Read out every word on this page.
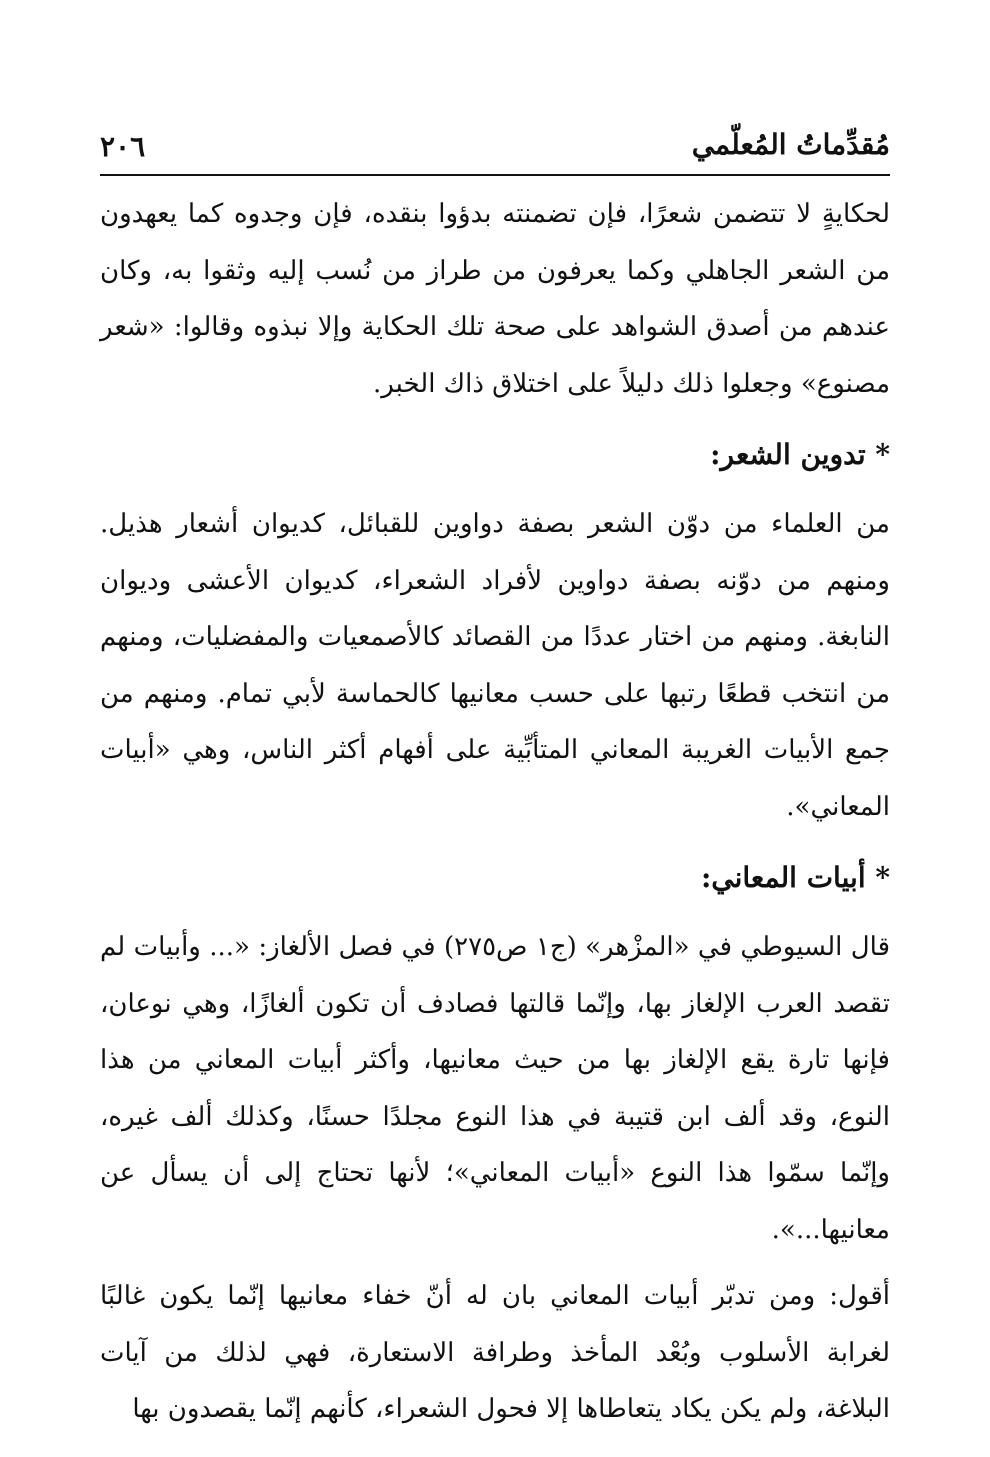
مُقدِّماتُ المُعلّمي
٢٠٦

لحكايةٍ لا تتضمن شعرًا، فإن تضمنته بدؤوا بنقده، فإن وجدوه كما يعهدون من الشعر الجاهلي وكما يعرفون من طراز من نُسب إليه وثقوا به، وكان عندهم من أصدق الشواهد على صحة تلك الحكاية وإلا نبذوه وقالوا: «شعر مصنوع» وجعلوا ذلك دليلاً على اختلاق ذاك الخبر.

* تدوين الشعر:

من العلماء من دوّن الشعر بصفة دواوين للقبائل، كديوان أشعار هذيل. ومنهم من دوّنه بصفة دواوين لأفراد الشعراء، كديوان الأعشى وديوان النابغة. ومنهم من اختار عددًا من القصائد كالأصمعيات والمفضليات، ومنهم من انتخب قطعًا رتبها على حسب معانيها كالحماسة لأبي تمام. ومنهم من جمع الأبيات الغريبة المعاني المتأبِّية على أفهام أكثر الناس، وهي «أبيات المعاني».

* أبيات المعاني:

قال السيوطي في «المزْهر» (ج١ ص٢٧٥) في فصل الألغاز: «... وأبيات لم تقصد العرب الإلغاز بها، وإنّما قالتها فصادف أن تكون ألغازًا، وهي نوعان، فإنها تارة يقع الإلغاز بها من حيث معانيها، وأكثر أبيات المعاني من هذا النوع، وقد ألف ابن قتيبة في هذا النوع مجلدًا حسنًا، وكذلك ألف غيره، وإنّما سمّوا هذا النوع «أبيات المعاني»؛ لأنها تحتاج إلى أن يسأل عن معانيها...».

أقول: ومن تدبّر أبيات المعاني بان له أنّ خفاء معانيها إنّما يكون غالبًا لغرابة الأسلوب وبُعْد المأخذ وطرافة الاستعارة، فهي لذلك من آيات البلاغة، ولم يكن يكاد يتعاطاها إلا فحول الشعراء، كأنهم إنّما يقصدون بها
